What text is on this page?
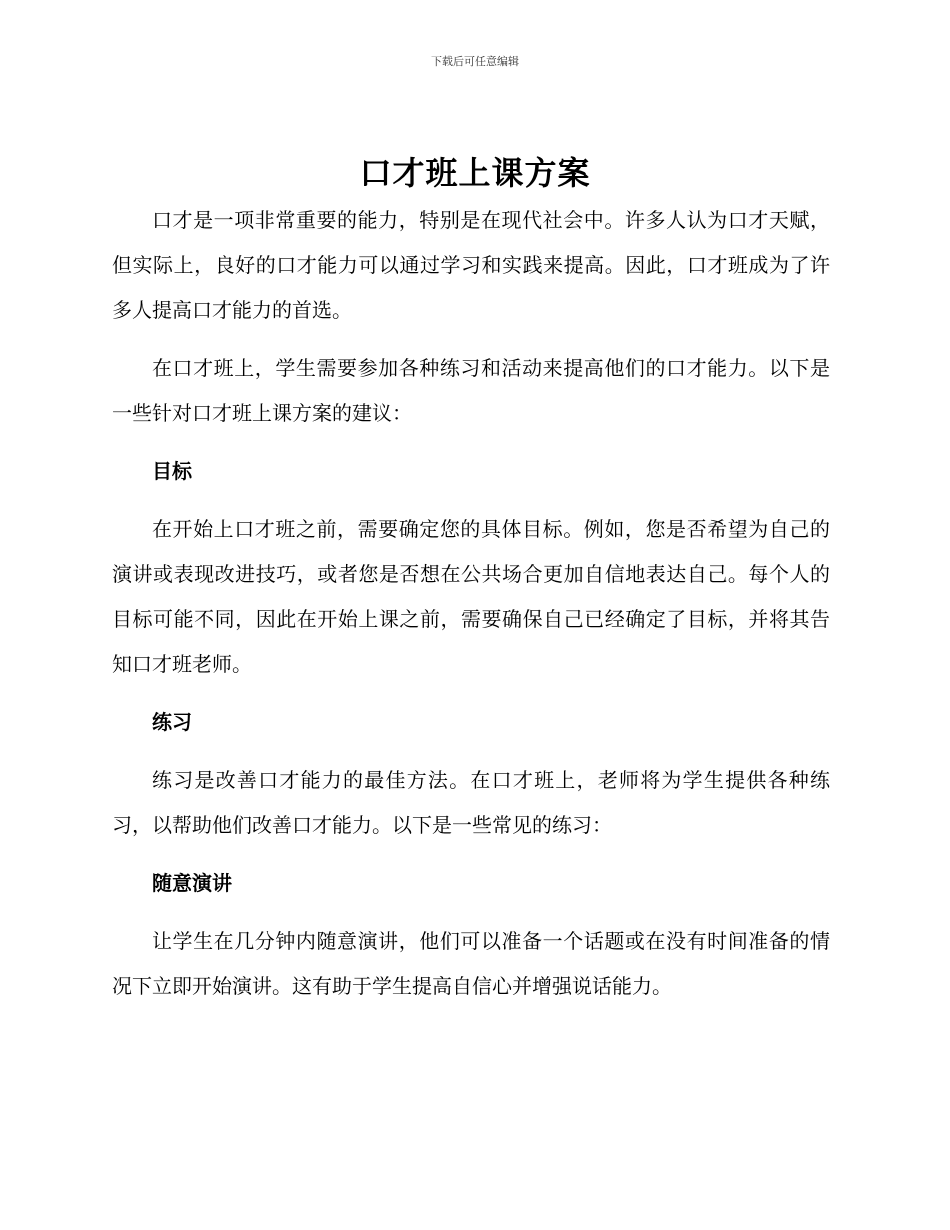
下载后可任意编辑
口才班上课方案

口才是一项非常重要的能力，特别是在现代社会中。许多人认为口才天赋，但实际上，良好的口才能力可以通过学习和实践来提高。因此，口才班成为了许多人提高口才能力的首选。

在口才班上，学生需要参加各种练习和活动来提高他们的口才能力。以下是一些针对口才班上课方案的建议：

目标

在开始上口才班之前，需要确定您的具体目标。例如，您是否希望为自己的演讲或表现改进技巧，或者您是否想在公共场合更加自信地表达自己。每个人的目标可能不同，因此在开始上课之前，需要确保自己已经确定了目标，并将其告知口才班老师。

练习

练习是改善口才能力的最佳方法。在口才班上，老师将为学生提供各种练习，以帮助他们改善口才能力。以下是一些常见的练习：

随意演讲

让学生在几分钟内随意演讲，他们可以准备一个话题或在没有时间准备的情况下立即开始演讲。这有助于学生提高自信心并增强说话能力。
